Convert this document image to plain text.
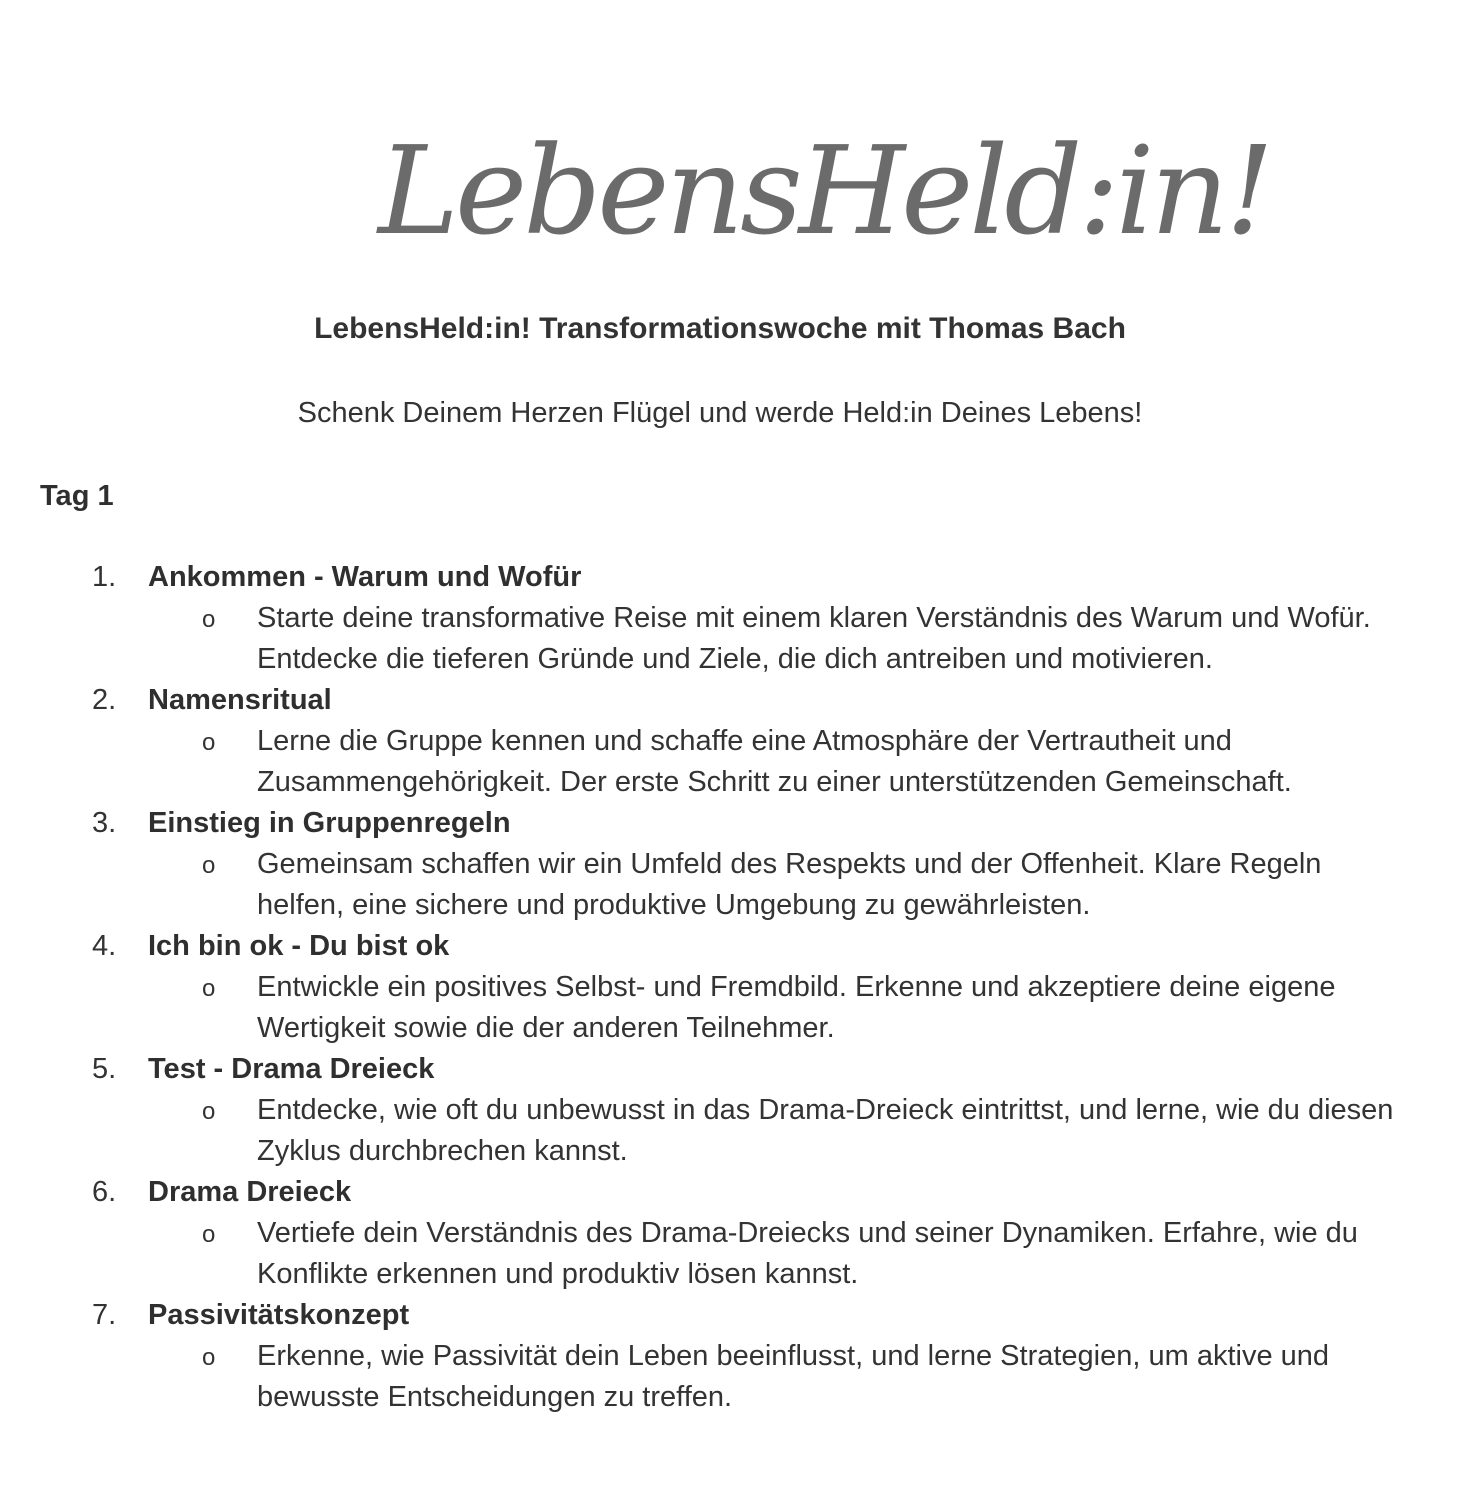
LebensHeld:in!
LebensHeld:in! Transformationswoche mit Thomas Bach
Schenk Deinem Herzen Flügel und werde Held:in Deines Lebens!
Tag 1
1. Ankommen - Warum und Wofür
o Starte deine transformative Reise mit einem klaren Verständnis des Warum und Wofür. Entdecke die tieferen Gründe und Ziele, die dich antreiben und motivieren.
2. Namensritual
o Lerne die Gruppe kennen und schaffe eine Atmosphäre der Vertrautheit und Zusammengehörigkeit. Der erste Schritt zu einer unterstützenden Gemeinschaft.
3. Einstieg in Gruppenregeln
o Gemeinsam schaffen wir ein Umfeld des Respekts und der Offenheit. Klare Regeln helfen, eine sichere und produktive Umgebung zu gewährleisten.
4. Ich bin ok - Du bist ok
o Entwickle ein positives Selbst- und Fremdbild. Erkenne und akzeptiere deine eigene Wertigkeit sowie die der anderen Teilnehmer.
5. Test - Drama Dreieck
o Entdecke, wie oft du unbewusst in das Drama-Dreieck eintrittst, und lerne, wie du diesen Zyklus durchbrechen kannst.
6. Drama Dreieck
o Vertiefe dein Verständnis des Drama-Dreiecks und seiner Dynamiken. Erfahre, wie du Konflikte erkennen und produktiv lösen kannst.
7. Passivitätskonzept
o Erkenne, wie Passivität dein Leben beeinflusst, und lerne Strategien, um aktive und bewusste Entscheidungen zu treffen.
